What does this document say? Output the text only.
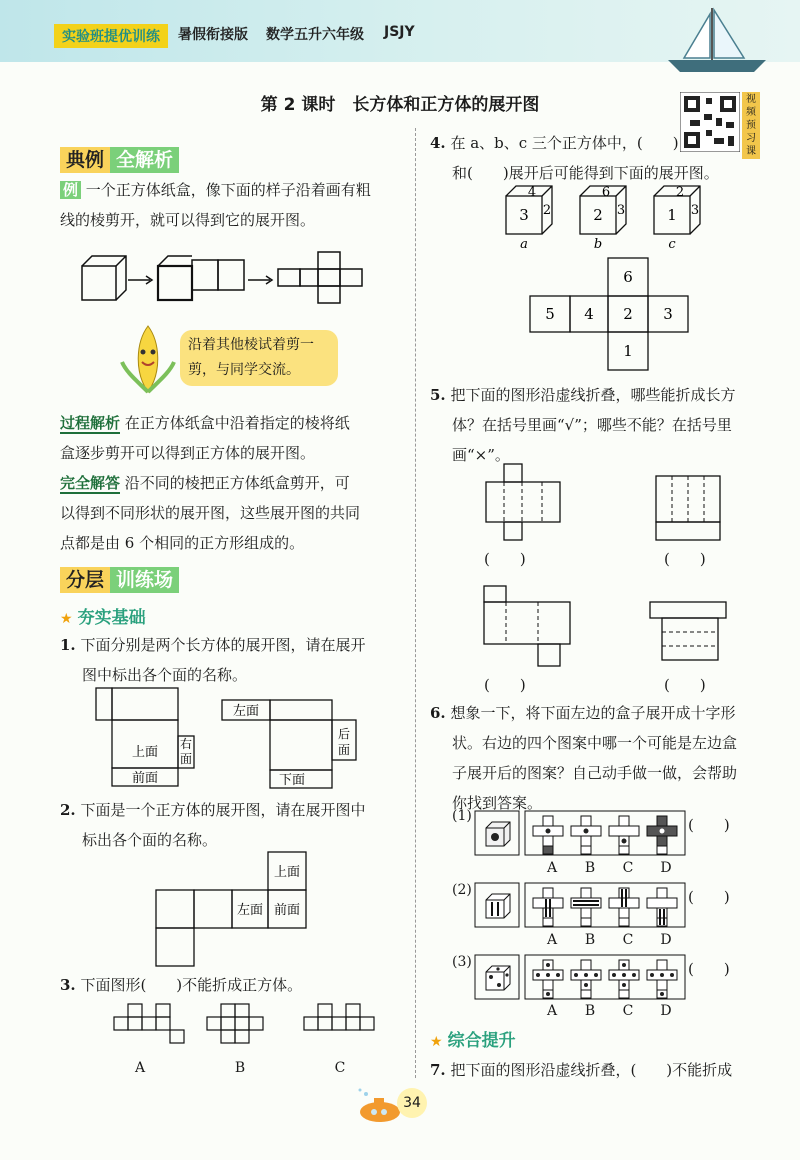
实验班提优训练	暑假衔接版 数学五升六年级 JSJY
第 2 课时　长方体和正方体的展开图	视
频
预
习
课
典例 全解析
例 一个正方体纸盒，像下面的样子沿着画有粗
线的棱剪开，就可以得到它的展开图。
沿着其他棱试着剪一
剪，与同学交流。
过程解析 在正方体纸盒中沿着指定的棱将纸
盒逐步剪开可以得到正方体的展开图。
完全解答 沿不同的棱把正方体纸盒剪开，可
以得到不同形状的展开图，这些展开图的共同
点都是由 6 个相同的正方形组成的。
分层 训练场
★ 夯实基础
1. 下面分别是两个长方体的展开图，请在展开
图中标出各个面的名称。
上面
右
面
前面
左面
后
面
下面
2. 下面是一个正方体的展开图，请在展开图中
标出各个面的名称。
上面
左面 前面
3. 下面图形(　　)不能折成正方体。
A	B	C
4. 在 a、b、c 三个正方体中，(　　)
和(　　)展开后可能得到下面的展开图。
4
3 2
a
6
2 3
b
2
1 3
c
6
5 4 2 3
1
5. 把下面的图形沿虚线折叠，哪些能折成长方
体？在括号里画“√”；哪些不能？在括号里
画“×”。
(　　)	(　　)
(　　)	(　　)
6. 想象一下，将下面左边的盒子展开成十字形
状。右边的四个图案中哪一个可能是左边盒
子展开后的图案？自己动手做一做，会帮助
你找到答案。
(1)
(2)
(3)
(　　)
(　　)
(　　)
A	B	C	D
A	B	C	D
A	B	C	D
★ 综合提升
7. 把下面的图形沿虚线折叠，(　　)不能折成
34
